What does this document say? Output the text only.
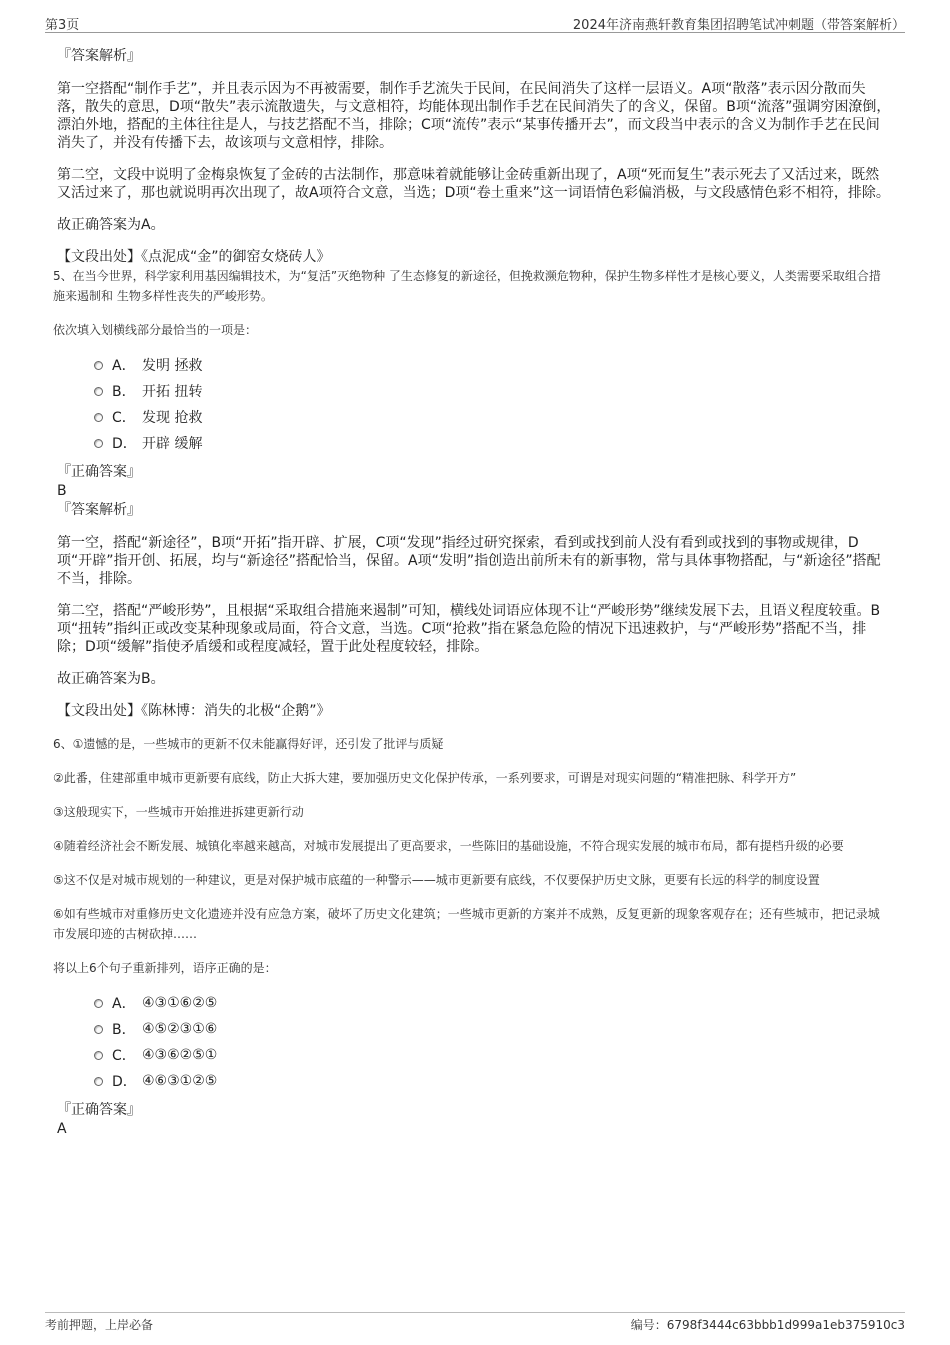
第3页	2024年济南燕轩教育集团招聘笔试冲刺题（带答案解析）

『答案解析』

第一空搭配“制作手艺”，并且表示因为不再被需要，制作手艺流失于民间，在民间消失了这样一层语义。A项“散落”表示因分散而失落，散失的意思，D项“散失”表示流散遗失，与文意相符，均能体现出制作手艺在民间消失了的含义，保留。B项“流落”强调穷困潦倒，漂泊外地，搭配的主体往往是人，与技艺搭配不当，排除；C项“流传”表示“某事传播开去”，而文段当中表示的含义为制作手艺在民间消失了，并没有传播下去，故该项与文意相悖，排除。

第二空，文段中说明了金梅泉恢复了金砖的古法制作，那意味着就能够让金砖重新出现了，A项“死而复生”表示死去了又活过来，既然又活过来了，那也就说明再次出现了，故A项符合文意，当选；D项“卷土重来”这一词语情色彩偏消极，与文段感情色彩不相符，排除。

故正确答案为A。

【文段出处】《点泥成“金”的御窑女烧砖人》

5、在当今世界，科学家利用基因编辑技术，为“复活”灭绝物种 了生态修复的新途径，但挽救濒危物种，保护生物多样性才是核心要义，人类需要采取组合措施来遏制和 生物多样性丧失的严峻形势。

依次填入划横线部分最恰当的一项是：

A． 发明 拯救
B． 开拓 扭转
C． 发现 抢救
D． 开辟 缓解

『正确答案』

B

『答案解析』

第一空，搭配“新途径”，B项“开拓”指开辟、扩展，C项“发现”指经过研究探索，看到或找到前人没有看到或找到的事物或规律，D项“开辟”指开创、拓展，均与“新途径”搭配恰当，保留。A项“发明”指创造出前所未有的新事物，常与具体事物搭配，与“新途径”搭配不当，排除。

第二空，搭配“严峻形势”，且根据“采取组合措施来遏制”可知，横线处词语应体现不让“严峻形势”继续发展下去，且语义程度较重。B项“扭转”指纠正或改变某种现象或局面，符合文意，当选。C项“抢救”指在紧急危险的情况下迅速救护，与“严峻形势”搭配不当，排除；D项“缓解”指使矛盾缓和或程度减轻，置于此处程度较轻，排除。

故正确答案为B。

【文段出处】《陈林博：消失的北极“企鹅”》

6、①遗憾的是，一些城市的更新不仅未能赢得好评，还引发了批评与质疑

②此番，住建部重申城市更新要有底线，防止大拆大建，要加强历史文化保护传承，一系列要求，可谓是对现实问题的“精准把脉、科学开方”

③这般现实下，一些城市开始推进拆建更新行动

④随着经济社会不断发展、城镇化率越来越高，对城市发展提出了更高要求，一些陈旧的基础设施，不符合现实发展的城市布局，都有提档升级的必要

⑤这不仅是对城市规划的一种建议，更是对保护城市底蕴的一种警示——城市更新要有底线，不仅要保护历史文脉，更要有长远的科学的制度设置

⑥如有些城市对重修历史文化遗迹并没有应急方案，破坏了历史文化建筑；一些城市更新的方案并不成熟，反复更新的现象客观存在；还有些城市，把记录城市发展印迹的古树砍掉……

将以上6个句子重新排列，语序正确的是：

A． ④③①⑥②⑤
B． ④⑤②③①⑥
C． ④③⑥②⑤①
D． ④⑥③①②⑤

『正确答案』

A

考前押题，上岸必备	编号：6798f3444c63bbb1d999a1eb375910c3
